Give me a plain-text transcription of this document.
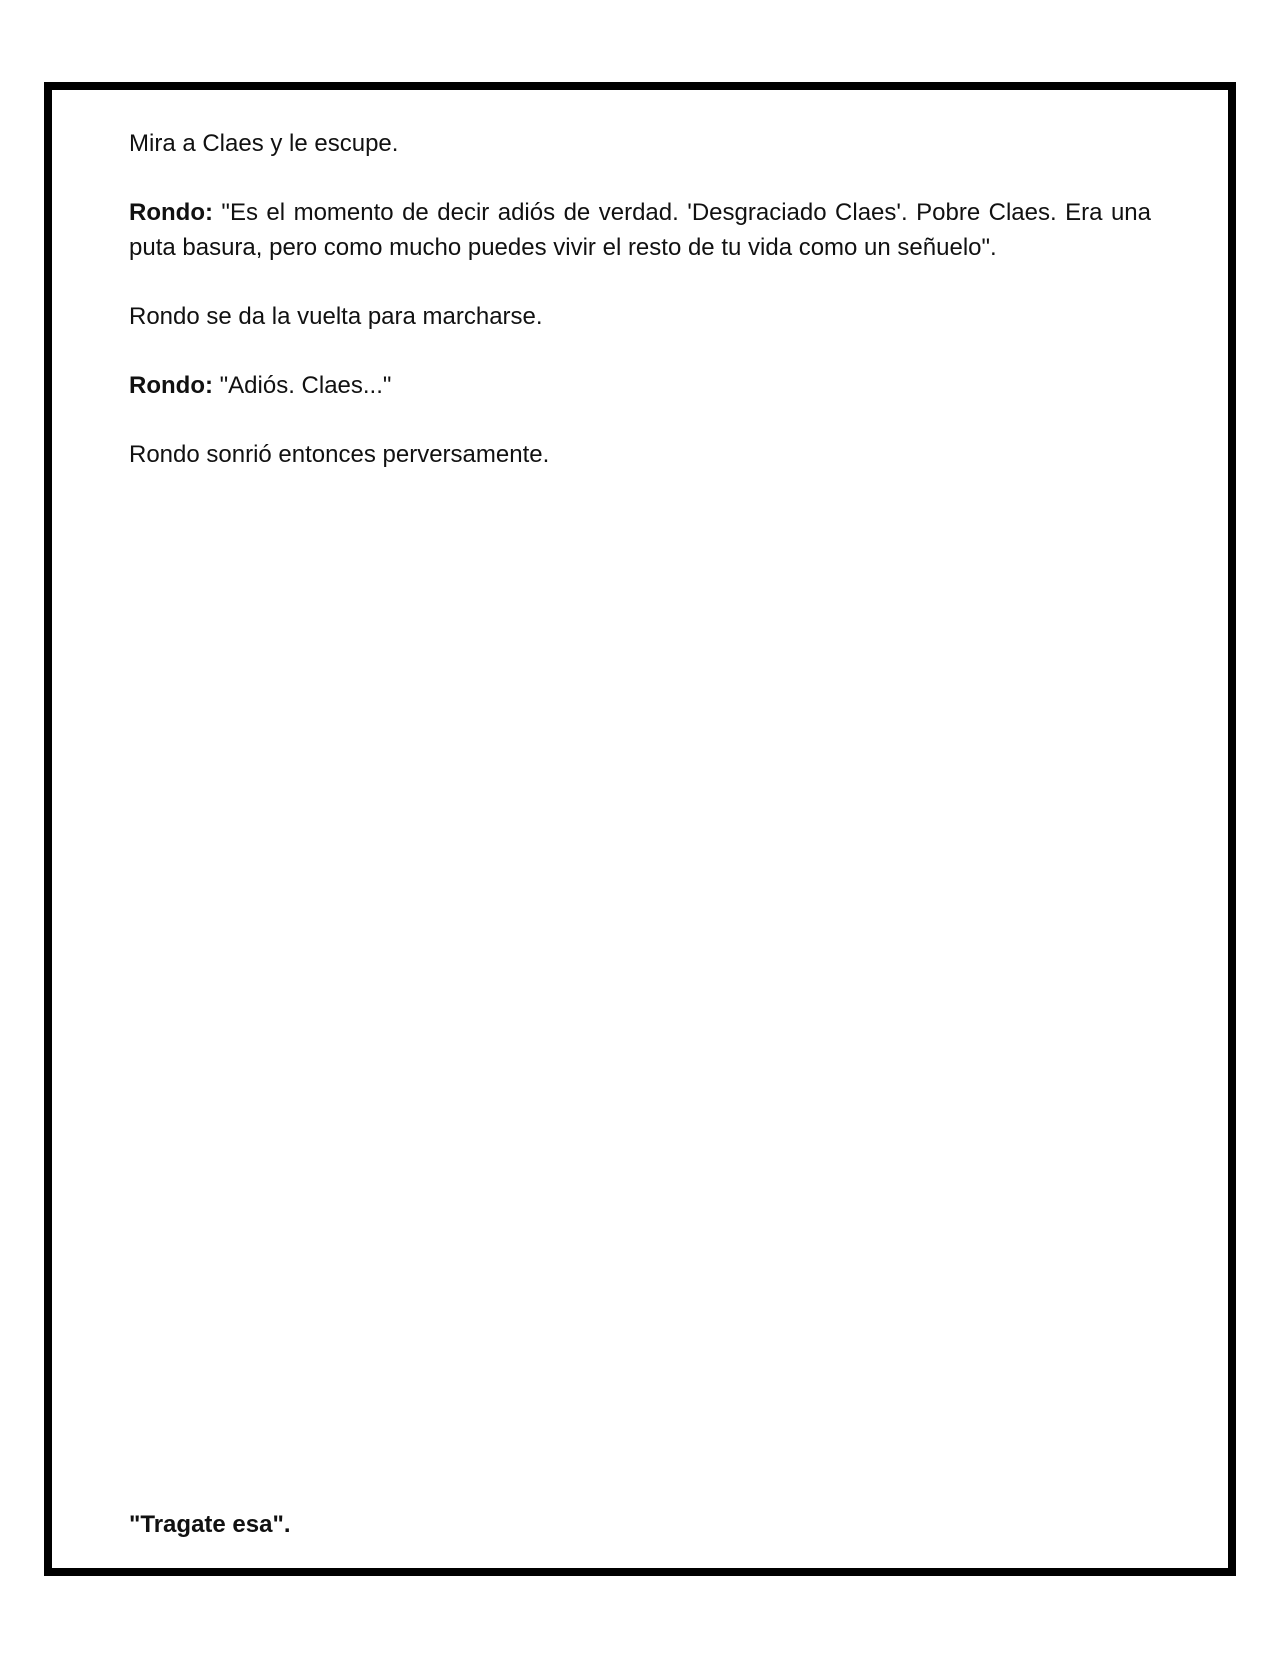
Mira a Claes y le escupe.

Rondo: "Es el momento de decir adiós de verdad. 'Desgraciado Claes'. Pobre Claes. Era una puta basura, pero como mucho puedes vivir el resto de tu vida como un señuelo".

Rondo se da la vuelta para marcharse.

Rondo: "Adiós. Claes..."

Rondo sonrió entonces perversamente.

"Tragate esa".
